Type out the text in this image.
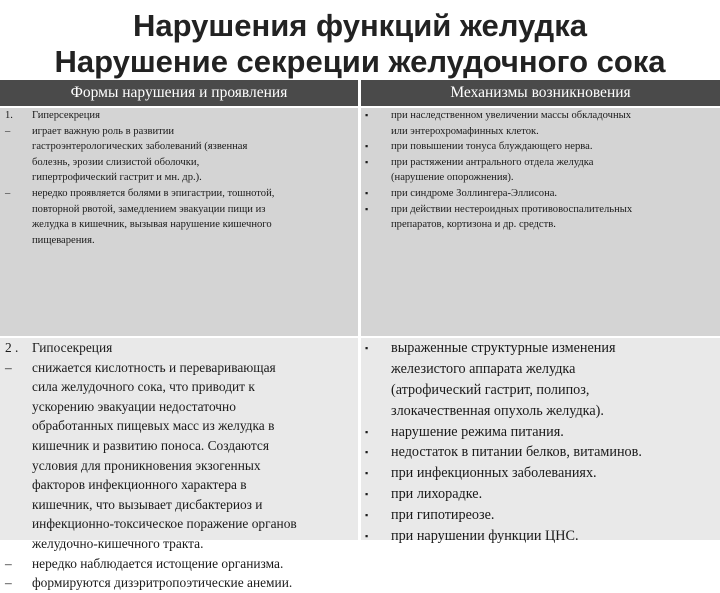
Нарушения функций желудка
Нарушение секреции желудочного сока
Формы нарушения и проявления	Механизмы возникновения
1. Гиперсекреция
– играет важную роль в развитии
гастроэнтерологических заболеваний (язвенная
болезнь, эрозии слизистой оболочки,
гипертрофический гастрит и мн. др.).
– нередко проявляется болями в эпигастрии, тошнотой,
повторной рвотой, замедлением эвакуации пищи из
желудка в кишечник, вызывая нарушение кишечного
пищеварения.
▪ при наследственном увеличении массы обкладочных
или энтерохромафинных клеток.
▪ при повышении тонуса блуждающего нерва.
▪ при растяжении антрального отдела желудка
(нарушение опорожнения).
▪ при синдроме Золлингера-Эллисона.
▪ при действии нестероидных противовоспалительных
препаратов, кортизона и др. средств.
2 . Гипосекреция
– снижается кислотность и переваривающая
сила желудочного сока, что приводит к
ускорению эвакуации недостаточно
обработанных пищевых масс из желудка в
кишечник и развитию поноса. Создаются
условия для проникновения экзогенных
факторов инфекционного характера в
кишечник, что вызывает дисбактериоз и
инфекционно-токсическое поражение органов
желудочно-кишечного тракта.
– нередко наблюдается истощение организма.
– формируются дизэритропоэтические анемии.
▪ выраженные структурные изменения
железистого аппарата желудка
(атрофический гастрит, полипоз,
злокачественная опухоль желудка).
▪ нарушение режима питания.
▪ недостаток в питании белков, витаминов.
▪ при инфекционных заболеваниях.
▪ при лихорадке.
▪ при гипотиреозе.
▪ при нарушении функции ЦНС.
